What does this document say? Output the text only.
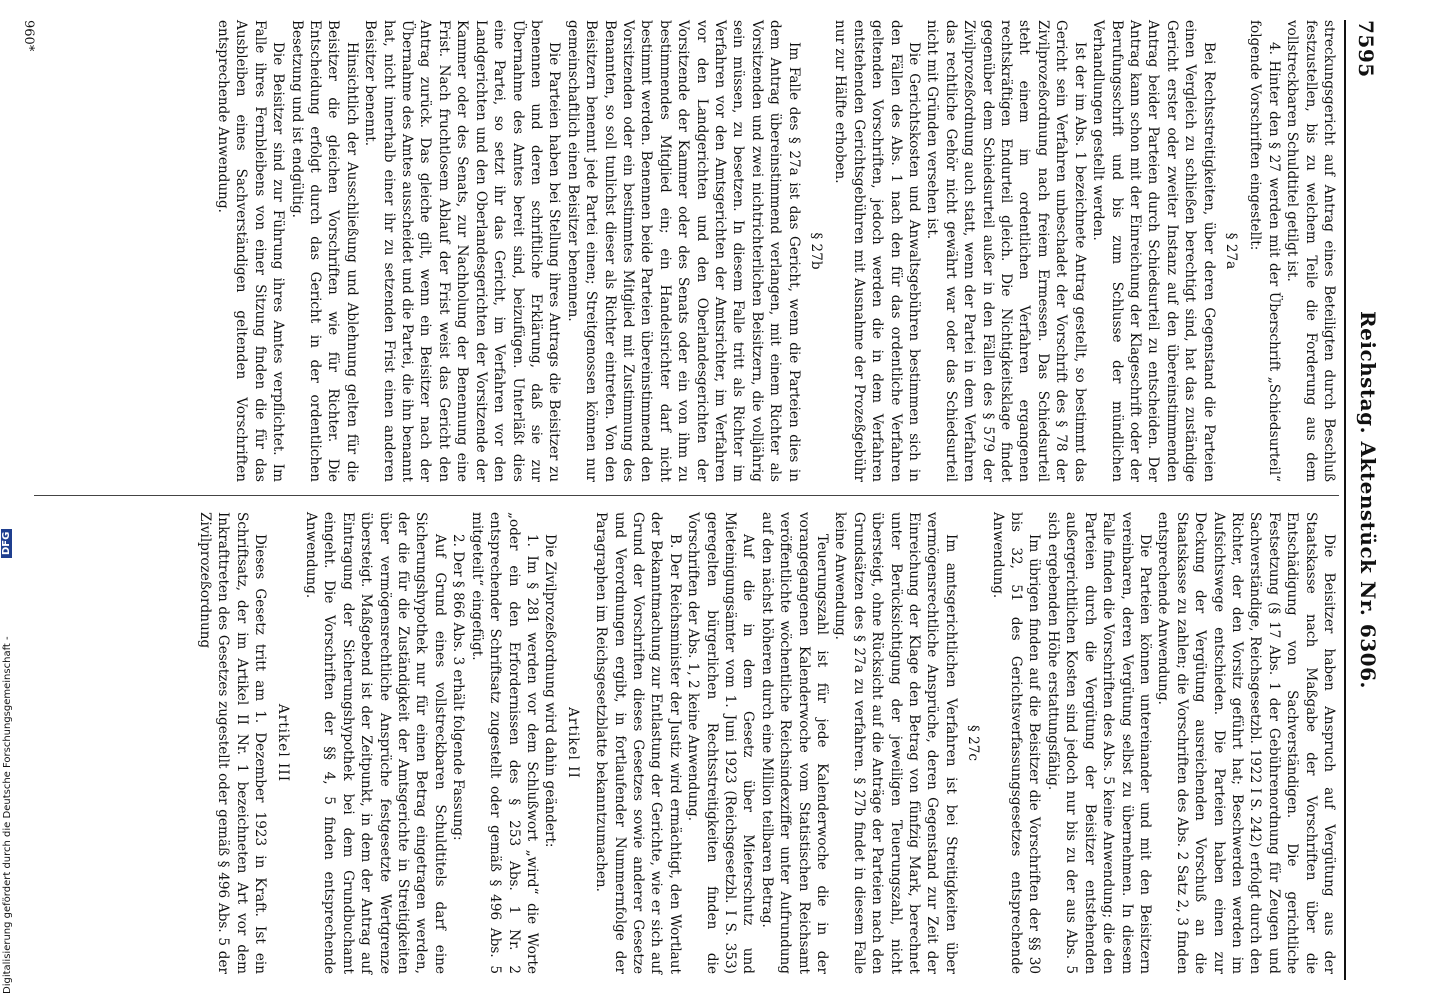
7595
Reichstag. Aktenstück Nr. 6306.

streckungsgericht auf Antrag eines Beteiligten durch Beschluß festzustellen, bis zu welchem Teile die Forderung aus dem vollstreckbaren Schuldtitel getilgt ist.

4. Hinter den § 27 werden mit der Überschrift „Schiedsurteil“ folgende Vorschriften eingestellt:

§ 27a

Bei Rechtsstreitigkeiten, über deren Gegenstand die Parteien einen Vergleich zu schließen berechtigt sind, hat das zuständige Gericht erster oder zweiter Instanz auf den übereinstimmenden Antrag beider Parteien durch Schiedsurteil zu entscheiden. Der Antrag kann schon mit der Einreichung der Klageschrift oder der Berufungsschrift und bis zum Schlusse der mündlichen Verhandlungen gestellt werden.

Ist der im Abs. 1 bezeichnete Antrag gestellt, so bestimmt das Gericht sein Verfahren unbeschadet der Vorschrift des § 78 der Zivilprozeßordnung nach freiem Ermessen. Das Schiedsurteil steht einem im ordentlichen Verfahren ergangenen rechtskräftigen Endurteil gleich. Die Nichtigkeitsklage findet gegenüber dem Schiedsurteil außer in den Fällen des § 579 der Zivilprozeßordnung auch statt, wenn der Partei in dem Verfahren das rechtliche Gehör nicht gewährt war oder das Schiedsurteil nicht mit Gründen versehen ist.

Die Gerichtskosten und Anwaltsgebühren bestimmen sich in den Fällen des Abs. 1 nach den für das ordentliche Verfahren geltenden Vorschriften, jedoch werden die in dem Verfahren entstehenden Gerichtsgebühren mit Ausnahme der Prozeßgebühr nur zur Hälfte erhoben.

§ 27b

Im Falle des § 27a ist das Gericht, wenn die Parteien dies in dem Antrag übereinstimmend verlangen, mit einem Richter als Vorsitzenden und zwei nichtrichterlichen Beisitzern, die volljährig sein müssen, zu besetzen. In diesem Falle tritt als Richter im Verfahren vor den Amtsgerichten der Amtsrichter, im Verfahren vor den Landgerichten und den Oberlandesgerichten der Vorsitzende der Kammer oder des Senats oder ein von ihm zu bestimmendes Mitglied ein; ein Handelsrichter darf nicht bestimmt werden. Benennen beide Parteien übereinstimmend den Vorsitzenden oder ein bestimmtes Mitglied mit Zustimmung des Benannten, so soll tunlichst dieser als Richter eintreten. Von den Beisitzern benennt jede Partei einen; Streitgenossen können nur gemeinschaftlich einen Beisitzer benennen.

Die Parteien haben bei Stellung ihres Antrags die Beisitzer zu benennen und deren schriftliche Erklärung, daß sie zur Übernahme des Amtes bereit sind, beizufügen. Unterläßt dies eine Partei, so setzt ihr das Gericht, im Verfahren vor den Landgerichten und den Oberlandesgerichten der Vorsitzende der Kammer oder des Senats, zur Nachholung der Benennung eine Frist. Nach fruchtlosem Ablauf der Frist weist das Gericht den Antrag zurück. Das gleiche gilt, wenn ein Beisitzer nach der Übernahme des Amtes ausscheidet und die Partei, die ihn benannt hat, nicht innerhalb einer ihr zu setzenden Frist einen anderen Beisitzer benennt.

Hinsichtlich der Ausschließung und Ablehnung gelten für die Beisitzer die gleichen Vorschriften wie für Richter. Die Entscheidung erfolgt durch das Gericht in der ordentlichen Besetzung und ist endgültig.

Die Beisitzer sind zur Führung ihres Amtes verpflichtet. Im Falle ihres Fernbleibens von einer Sitzung finden die für das Ausbleiben eines Sachverständigen geltenden Vorschriften entsprechende Anwendung.

Die Beisitzer haben Anspruch auf Vergütung aus der Staatskasse nach Maßgabe der Vorschriften über die Entschädigung von Sachverständigen. Die gerichtliche Festsetzung (§ 17 Abs. 1 der Gebührenordnung für Zeugen und Sachverständige, Reichsgesetzbl. 1922 I S. 242) erfolgt durch den Richter, der den Vorsitz geführt hat; Beschwerden werden im Aufsichtswege entschieden. Die Parteien haben einen zur Deckung der Vergütung ausreichenden Vorschuß an die Staatskasse zu zahlen; die Vorschriften des Abs. 2 Satz 2, 3 finden entsprechende Anwendung.

Die Parteien können untereinander und mit den Beisitzern vereinbaren, deren Vergütung selbst zu übernehmen. In diesem Falle finden die Vorschriften des Abs. 5 keine Anwendung; die den Parteien durch die Vergütung der Beisitzer entstehenden außergerichtlichen Kosten sind jedoch nur bis zu der aus Abs. 5 sich ergebenden Höhe erstattungsfähig.

Im übrigen finden auf die Beisitzer die Vorschriften der §§ 30 bis 32, 51 des Gerichtsverfassungsgesetzes entsprechende Anwendung.

§ 27c

Im amtsgerichtlichen Verfahren ist bei Streitigkeiten über vermögensrechtliche Ansprüche, deren Gegenstand zur Zeit der Einreichung der Klage den Betrag von fünfzig Mark, berechnet unter Berücksichtigung der jeweiligen Teuerungszahl, nicht übersteigt, ohne Rücksicht auf die Anträge der Parteien nach den Grundsätzen des § 27a zu verfahren. § 27b findet in diesem Falle keine Anwendung.

Teuerungszahl ist für jede Kalenderwoche die in der vorangegangenen Kalenderwoche vom Statistischen Reichsamt veröffentlichte wöchentliche Reichsindexziffer unter Aufrundung auf den nächst höheren durch eine Million teilbaren Betrag.

Auf die in dem Gesetz über Mieterschutz und Mieteinigungsämter vom 1. Juni 1923 (Reichsgesetzbl. I S. 353) geregelten bürgerlichen Rechtsstreitigkeiten finden die Vorschriften der Abs. 1, 2 keine Anwendung.

B. Der Reichsminister der Justiz wird ermächtigt, den Wortlaut der Bekanntmachung zur Entlastung der Gerichte, wie er sich auf Grund der Vorschriften dieses Gesetzes sowie anderer Gesetze und Verordnungen ergibt, in fortlaufender Nummernfolge der Paragraphen im Reichsgesetzblatte bekanntzumachen.

Artikel II

Die Zivilprozeßordnung wird dahin geändert:

1. Im § 281 werden vor dem Schlußwort „wird“ die Worte „oder ein den Erfordernissen des § 253 Abs. 1 Nr. 2 entsprechender Schriftsatz zugestellt oder gemäß § 496 Abs. 5 mitgeteilt“ eingefügt.

2. Der § 866 Abs. 3 erhält folgende Fassung:

Auf Grund eines vollstreckbaren Schuldtitels darf eine Sicherungshypothek nur für einen Betrag eingetragen werden, der die für die Zuständigkeit der Amtsgerichte in Streitigkeiten über vermögensrechtliche Ansprüche festgesetzte Wertgrenze übersteigt. Maßgebend ist der Zeitpunkt, in dem der Antrag auf Eintragung der Sicherungshypothek bei dem Grundbuchamt eingeht. Die Vorschriften der §§ 4, 5 finden entsprechende Anwendung.

Artikel III

Dieses Gesetz tritt am 1. Dezember 1923 in Kraft. Ist ein Schriftsatz, der im Artikel II Nr. 1 bezeichneten Art vor dem Inkrafttreten des Gesetzes zugestellt oder gemäß § 496 Abs. 5 der Zivilprozeßordnung

960*
Digitalisierung gefördert durch die Deutsche Forschungsgemeinschaft -
DFG
